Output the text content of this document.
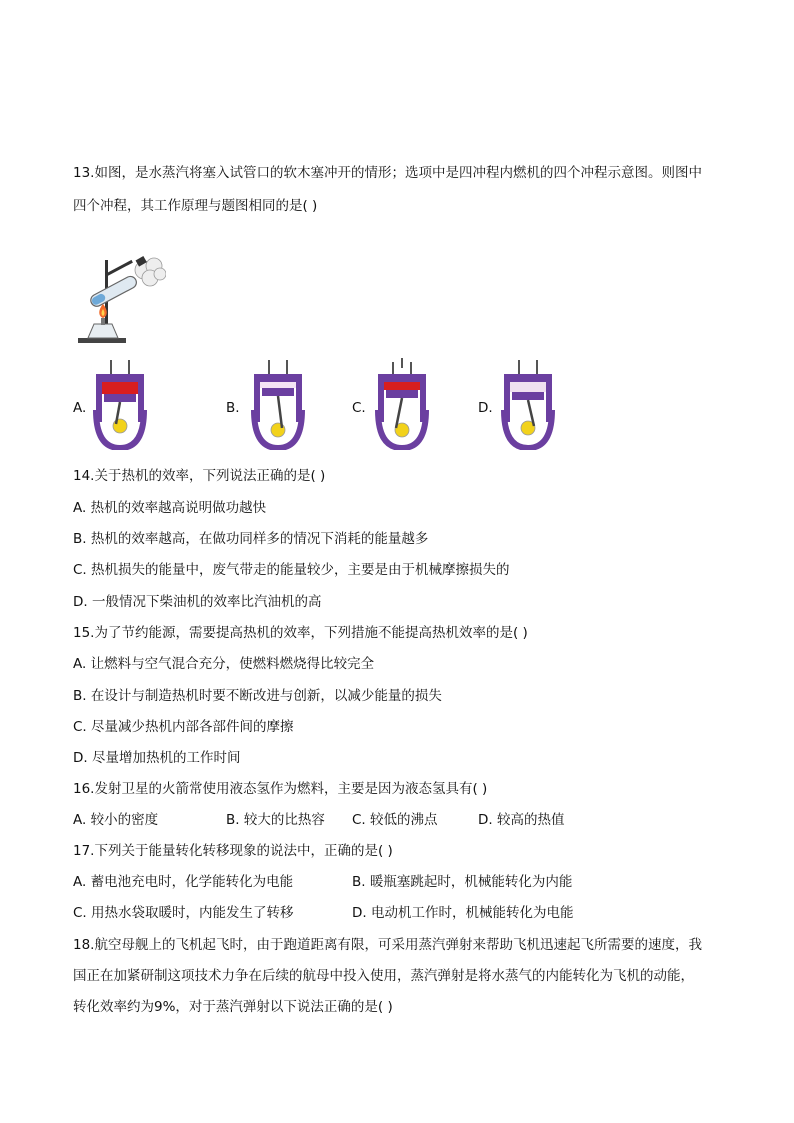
13.如图，是水蒸汽将塞入试管口的软木塞冲开的情形；选项中是四冲程内燃机的四个冲程示意图。则图中
四个冲程，其工作原理与题图相同的是( )
A.	B.	C.	D.
14.关于热机的效率，下列说法正确的是( )
A. 热机的效率越高说明做功越快
B. 热机的效率越高，在做功同样多的情况下消耗的能量越多
C. 热机损失的能量中，废气带走的能量较少，主要是由于机械摩擦损失的
D. 一般情况下柴油机的效率比汽油机的高
15.为了节约能源，需要提高热机的效率，下列措施不能提高热机效率的是( )
A. 让燃料与空气混合充分，使燃料燃烧得比较完全
B. 在设计与制造热机时要不断改进与创新，以减少能量的损失
C. 尽量减少热机内部各部件间的摩擦
D. 尽量增加热机的工作时间
16.发射卫星的火箭常使用液态氢作为燃料，主要是因为液态氢具有( )
A. 较小的密度	B. 较大的比热容 C. 较低的沸点	D. 较高的热值
17.下列关于能量转化转移现象的说法中，正确的是( )
A. 蓄电池充电时，化学能转化为电能	B. 暖瓶塞跳起时，机械能转化为内能
C. 用热水袋取暖时，内能发生了转移	D. 电动机工作时，机械能转化为电能
18.航空母舰上的飞机起飞时，由于跑道距离有限，可采用蒸汽弹射来帮助飞机迅速起飞所需要的速度，我
国正在加紧研制这项技术力争在后续的航母中投入使用，蒸汽弹射是将水蒸气的内能转化为飞机的动能，
转化效率约为9%，对于蒸汽弹射以下说法正确的是( )
